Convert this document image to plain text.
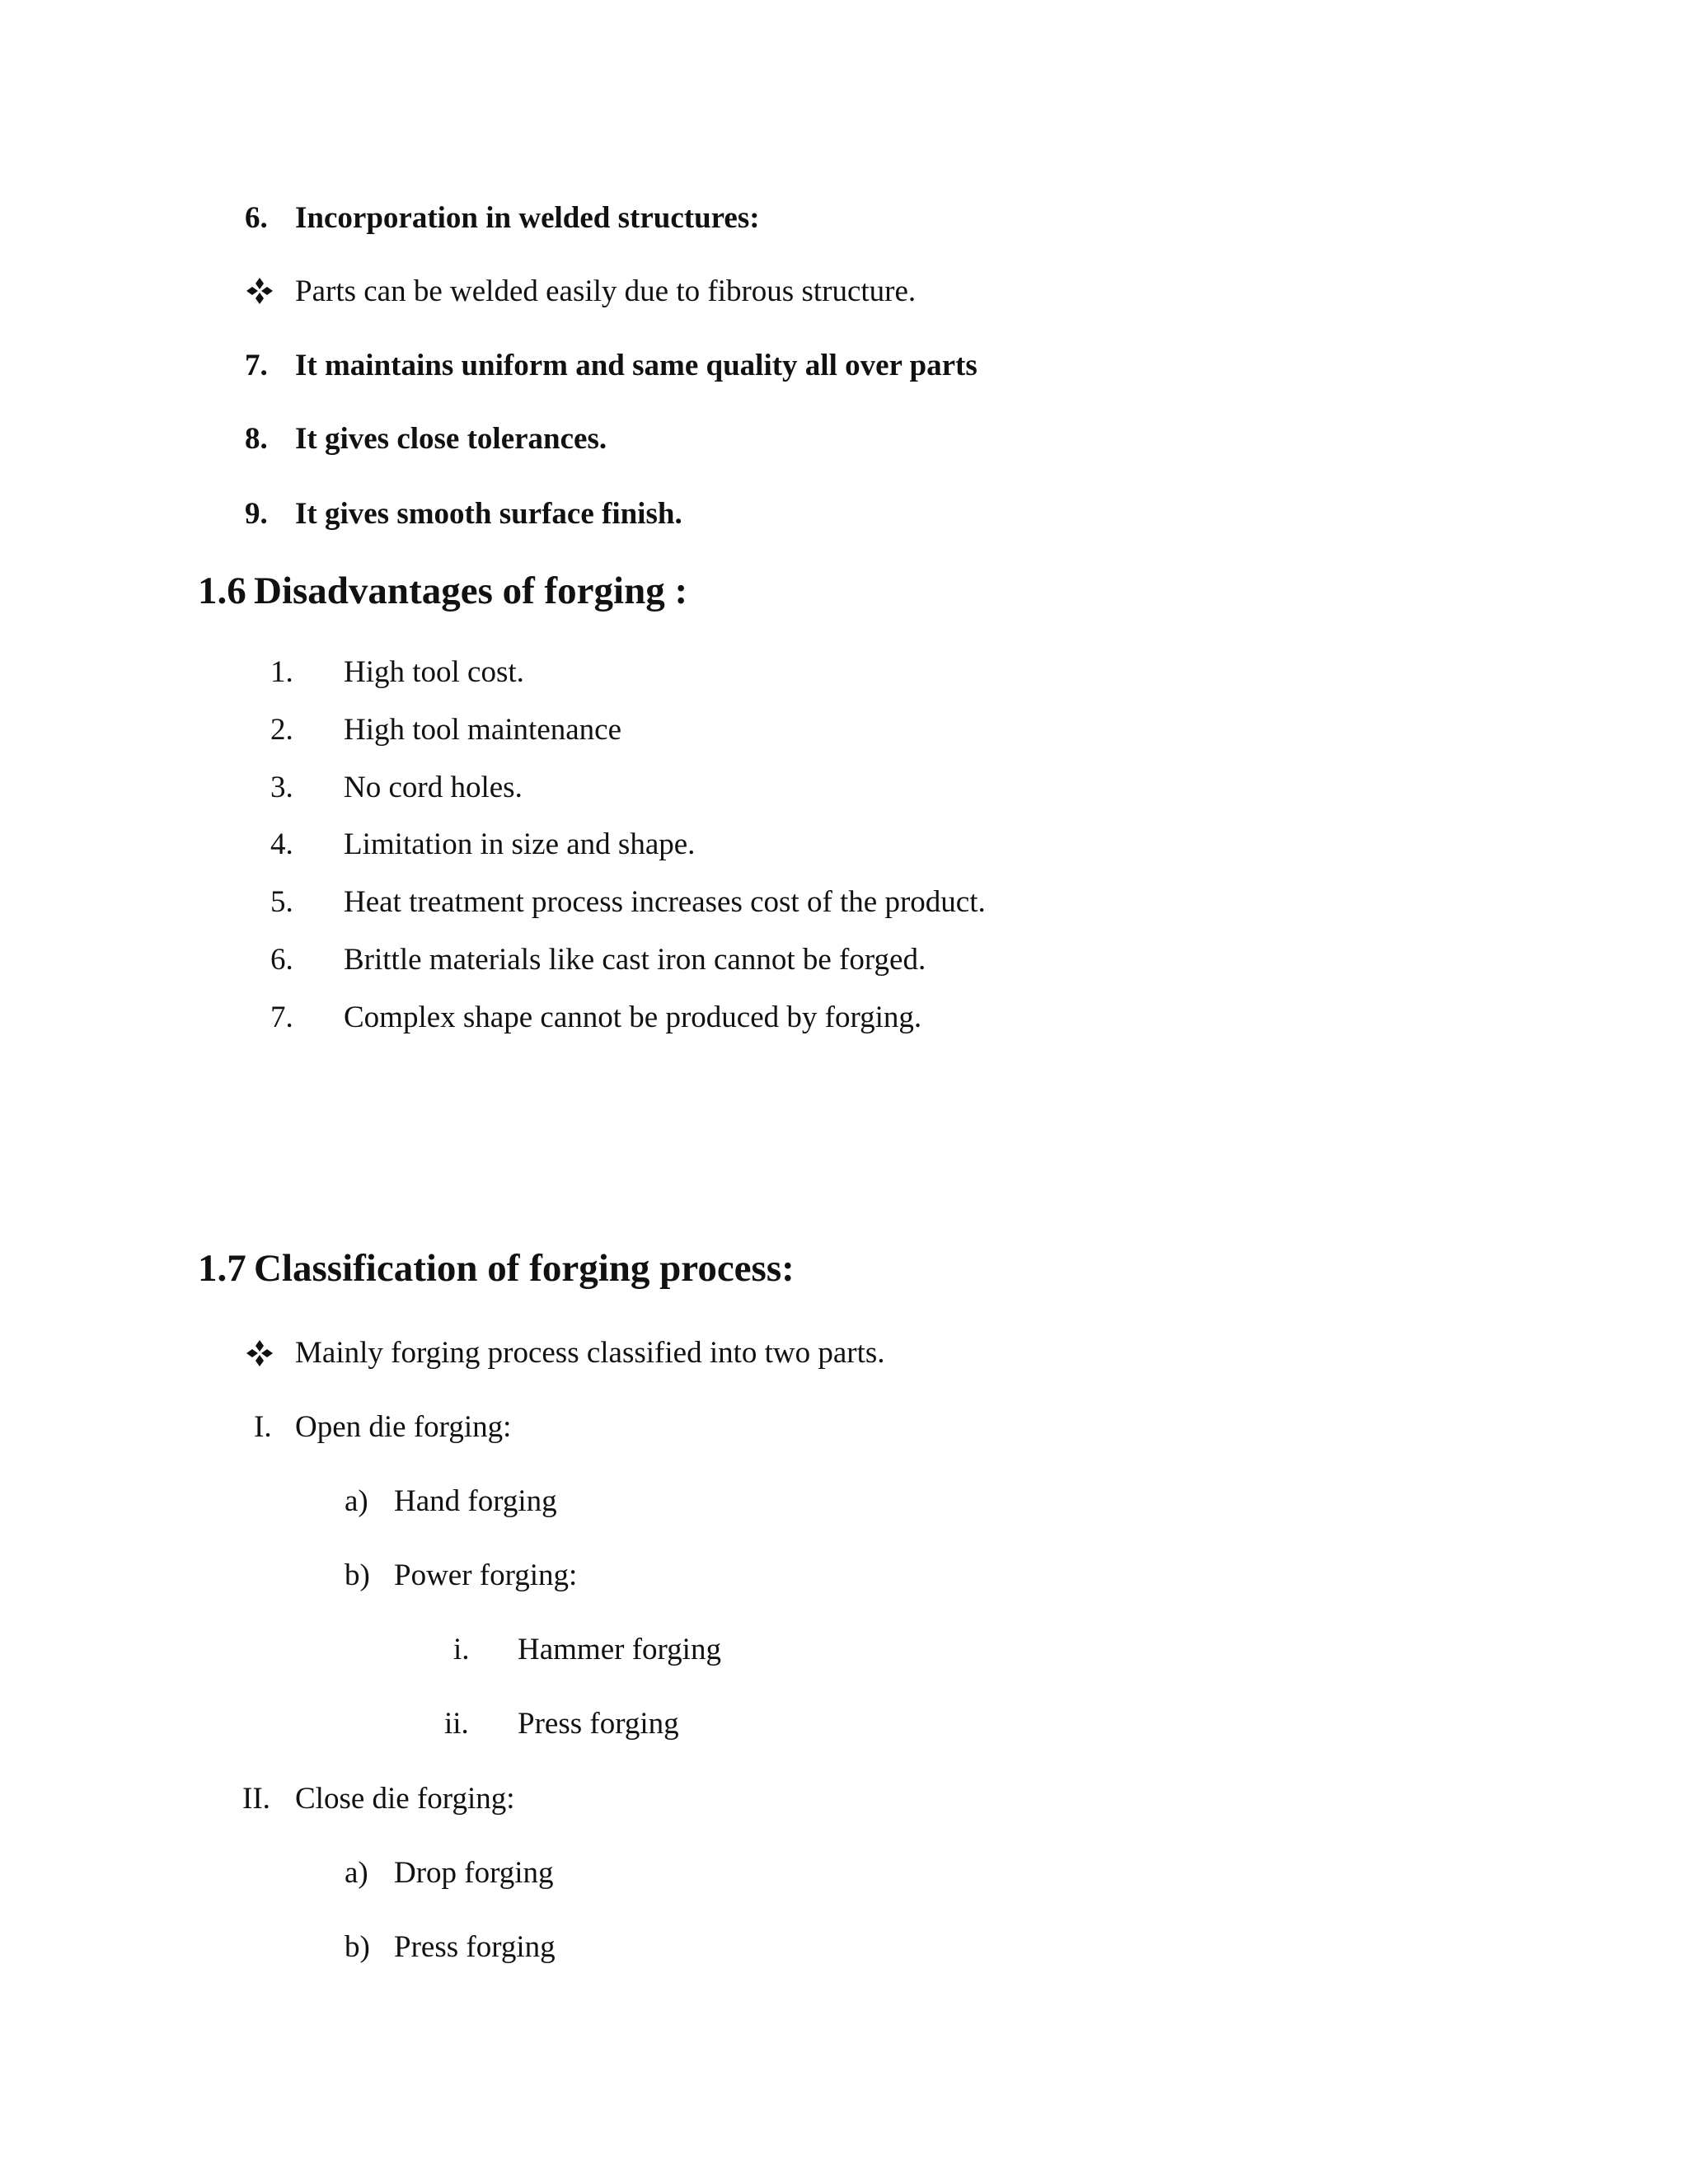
6. Incorporation in welded structures:
Parts can be welded easily due to fibrous structure.
7. It maintains uniform and same quality all over parts
8. It gives close tolerances.
9. It gives smooth surface finish.
1.6 Disadvantages of forging :
1. High tool cost.
2. High tool maintenance
3. No cord holes.
4. Limitation in size and shape.
5. Heat treatment process increases cost of the product.
6. Brittle materials like cast iron cannot be forged.
7. Complex shape cannot be produced by forging.
1.7 Classification of forging process:
Mainly forging process classified into two parts.
I. Open die forging:
a) Hand forging
b) Power forging:
i. Hammer forging
ii. Press forging
II. Close die forging:
a) Drop forging
b) Press forging
